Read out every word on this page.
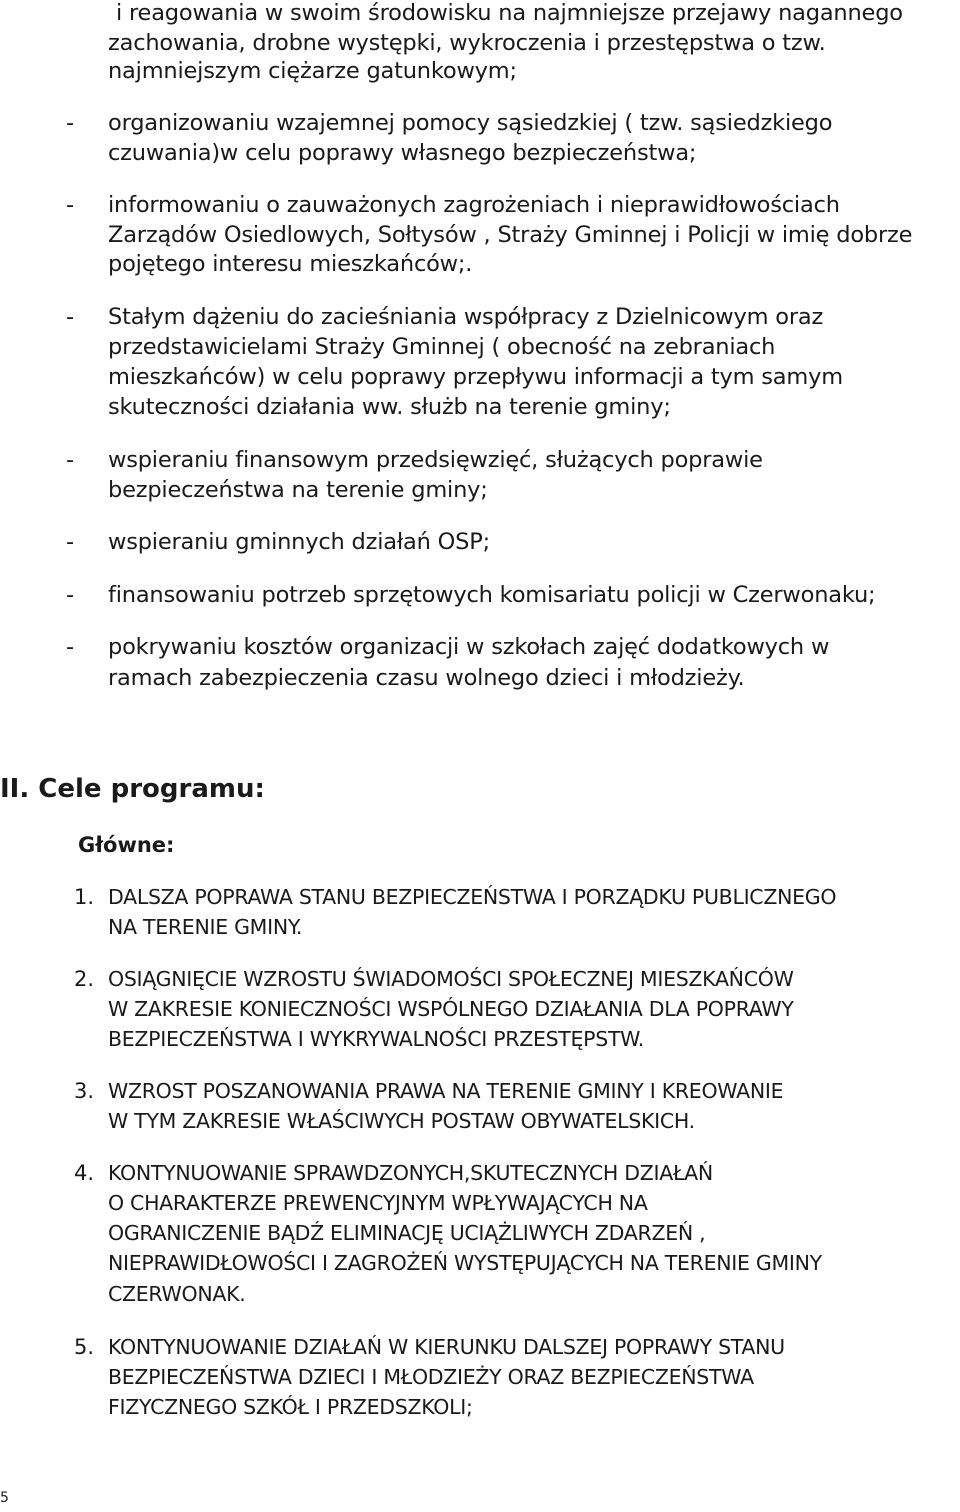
i reagowania w swoim środowisku na najmniejsze przejawy nagannego
zachowania, drobne występki, wykroczenia i przestępstwa o tzw.
najmniejszym ciężarze gatunkowym;
- organizowaniu wzajemnej pomocy sąsiedzkiej ( tzw. sąsiedzkiego
czuwania)w celu poprawy własnego bezpieczeństwa;
- informowaniu o zauważonych zagrożeniach i nieprawidłowościach
Zarządów Osiedlowych, Sołtysów , Straży Gminnej i Policji w imię dobrze
pojętego interesu mieszkańców;.
- Stałym dążeniu do zacieśniania współpracy z Dzielnicowym oraz
przedstawicielami Straży Gminnej ( obecność na zebraniach
mieszkańców) w celu poprawy przepływu informacji a tym samym
skuteczności działania ww. służb na terenie gminy;
- wspieraniu finansowym przedsięwzięć, służących poprawie
bezpieczeństwa na terenie gminy;
- wspieraniu gminnych działań OSP;
- finansowaniu potrzeb sprzętowych komisariatu policji w Czerwonaku;
- pokrywaniu kosztów organizacji w szkołach zajęć dodatkowych w
ramach zabezpieczenia czasu wolnego dzieci i młodzieży.
II. Cele programu:
Główne:
1. DALSZA POPRAWA STANU BEZPIECZEŃSTWA I PORZĄDKU PUBLICZNEGO
NA TERENIE GMINY.
2. OSIĄGNIĘCIE WZROSTU ŚWIADOMOŚCI SPOŁECZNEJ MIESZKAŃCÓW
W ZAKRESIE KONIECZNOŚCI WSPÓLNEGO DZIAŁANIA DLA POPRAWY
BEZPIECZEŃSTWA I WYKRYWALNOŚCI PRZESTĘPSTW.
3. WZROST POSZANOWANIA PRAWA NA TERENIE GMINY I KREOWANIE
W TYM ZAKRESIE WŁAŚCIWYCH POSTAW OBYWATELSKICH.
4. KONTYNUOWANIE SPRAWDZONYCH,SKUTECZNYCH DZIAŁAŃ
O CHARAKTERZE PREWENCYJNYM WPŁYWAJĄCYCH NA
OGRANICZENIE BĄDŹ ELIMINACJĘ UCIĄŻLIWYCH ZDARZEŃ ,
NIEPRAWIDŁOWOŚCI I ZAGROŻEŃ WYSTĘPUJĄCYCH NA TERENIE GMINY
CZERWONAK.
5. KONTYNUOWANIE DZIAŁAŃ W KIERUNKU DALSZEJ POPRAWY STANU
BEZPIECZEŃSTWA DZIECI I MŁODZIEŻY ORAZ BEZPIECZEŃSTWA
FIZYCZNEGO SZKÓŁ I PRZEDSZKOLI;
5
